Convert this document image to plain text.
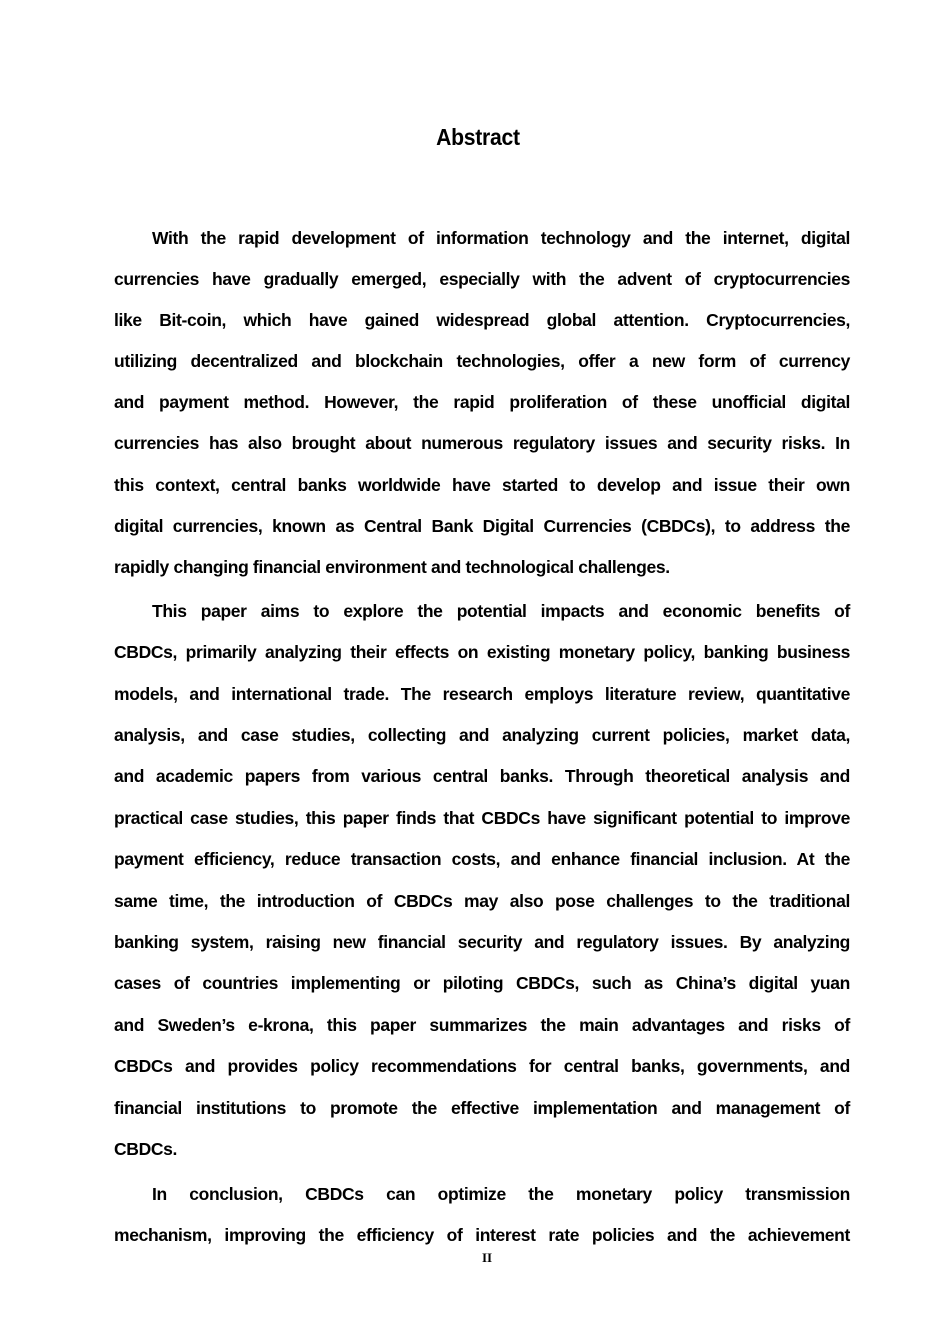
Abstract
With the rapid development of information technology and the internet, digital
currencies have gradually emerged, especially with the advent of cryptocurrencies
like Bit-coin, which have gained widespread global attention. Cryptocurrencies,
utilizing decentralized and blockchain technologies, offer a new form of currency
and payment method. However, the rapid proliferation of these unofficial digital
currencies has also brought about numerous regulatory issues and security risks. In
this context, central banks worldwide have started to develop and issue their own
digital currencies, known as Central Bank Digital Currencies (CBDCs), to address the
rapidly changing financial environment and technological challenges.
This paper aims to explore the potential impacts and economic benefits of
CBDCs, primarily analyzing their effects on existing monetary policy, banking business
models, and international trade. The research employs literature review, quantitative
analysis, and case studies, collecting and analyzing current policies, market data,
and academic papers from various central banks. Through theoretical analysis and
practical case studies, this paper finds that CBDCs have significant potential to improve
payment efficiency, reduce transaction costs, and enhance financial inclusion. At the
same time, the introduction of CBDCs may also pose challenges to the traditional
banking system, raising new financial security and regulatory issues. By analyzing
cases of countries implementing or piloting CBDCs, such as China’s digital yuan
and Sweden’s e-krona, this paper summarizes the main advantages and risks of
CBDCs and provides policy recommendations for central banks, governments, and
financial institutions to promote the effective implementation and management of
CBDCs.
In conclusion, CBDCs can optimize the monetary policy transmission
mechanism, improving the efficiency of interest rate policies and the achievement
II
